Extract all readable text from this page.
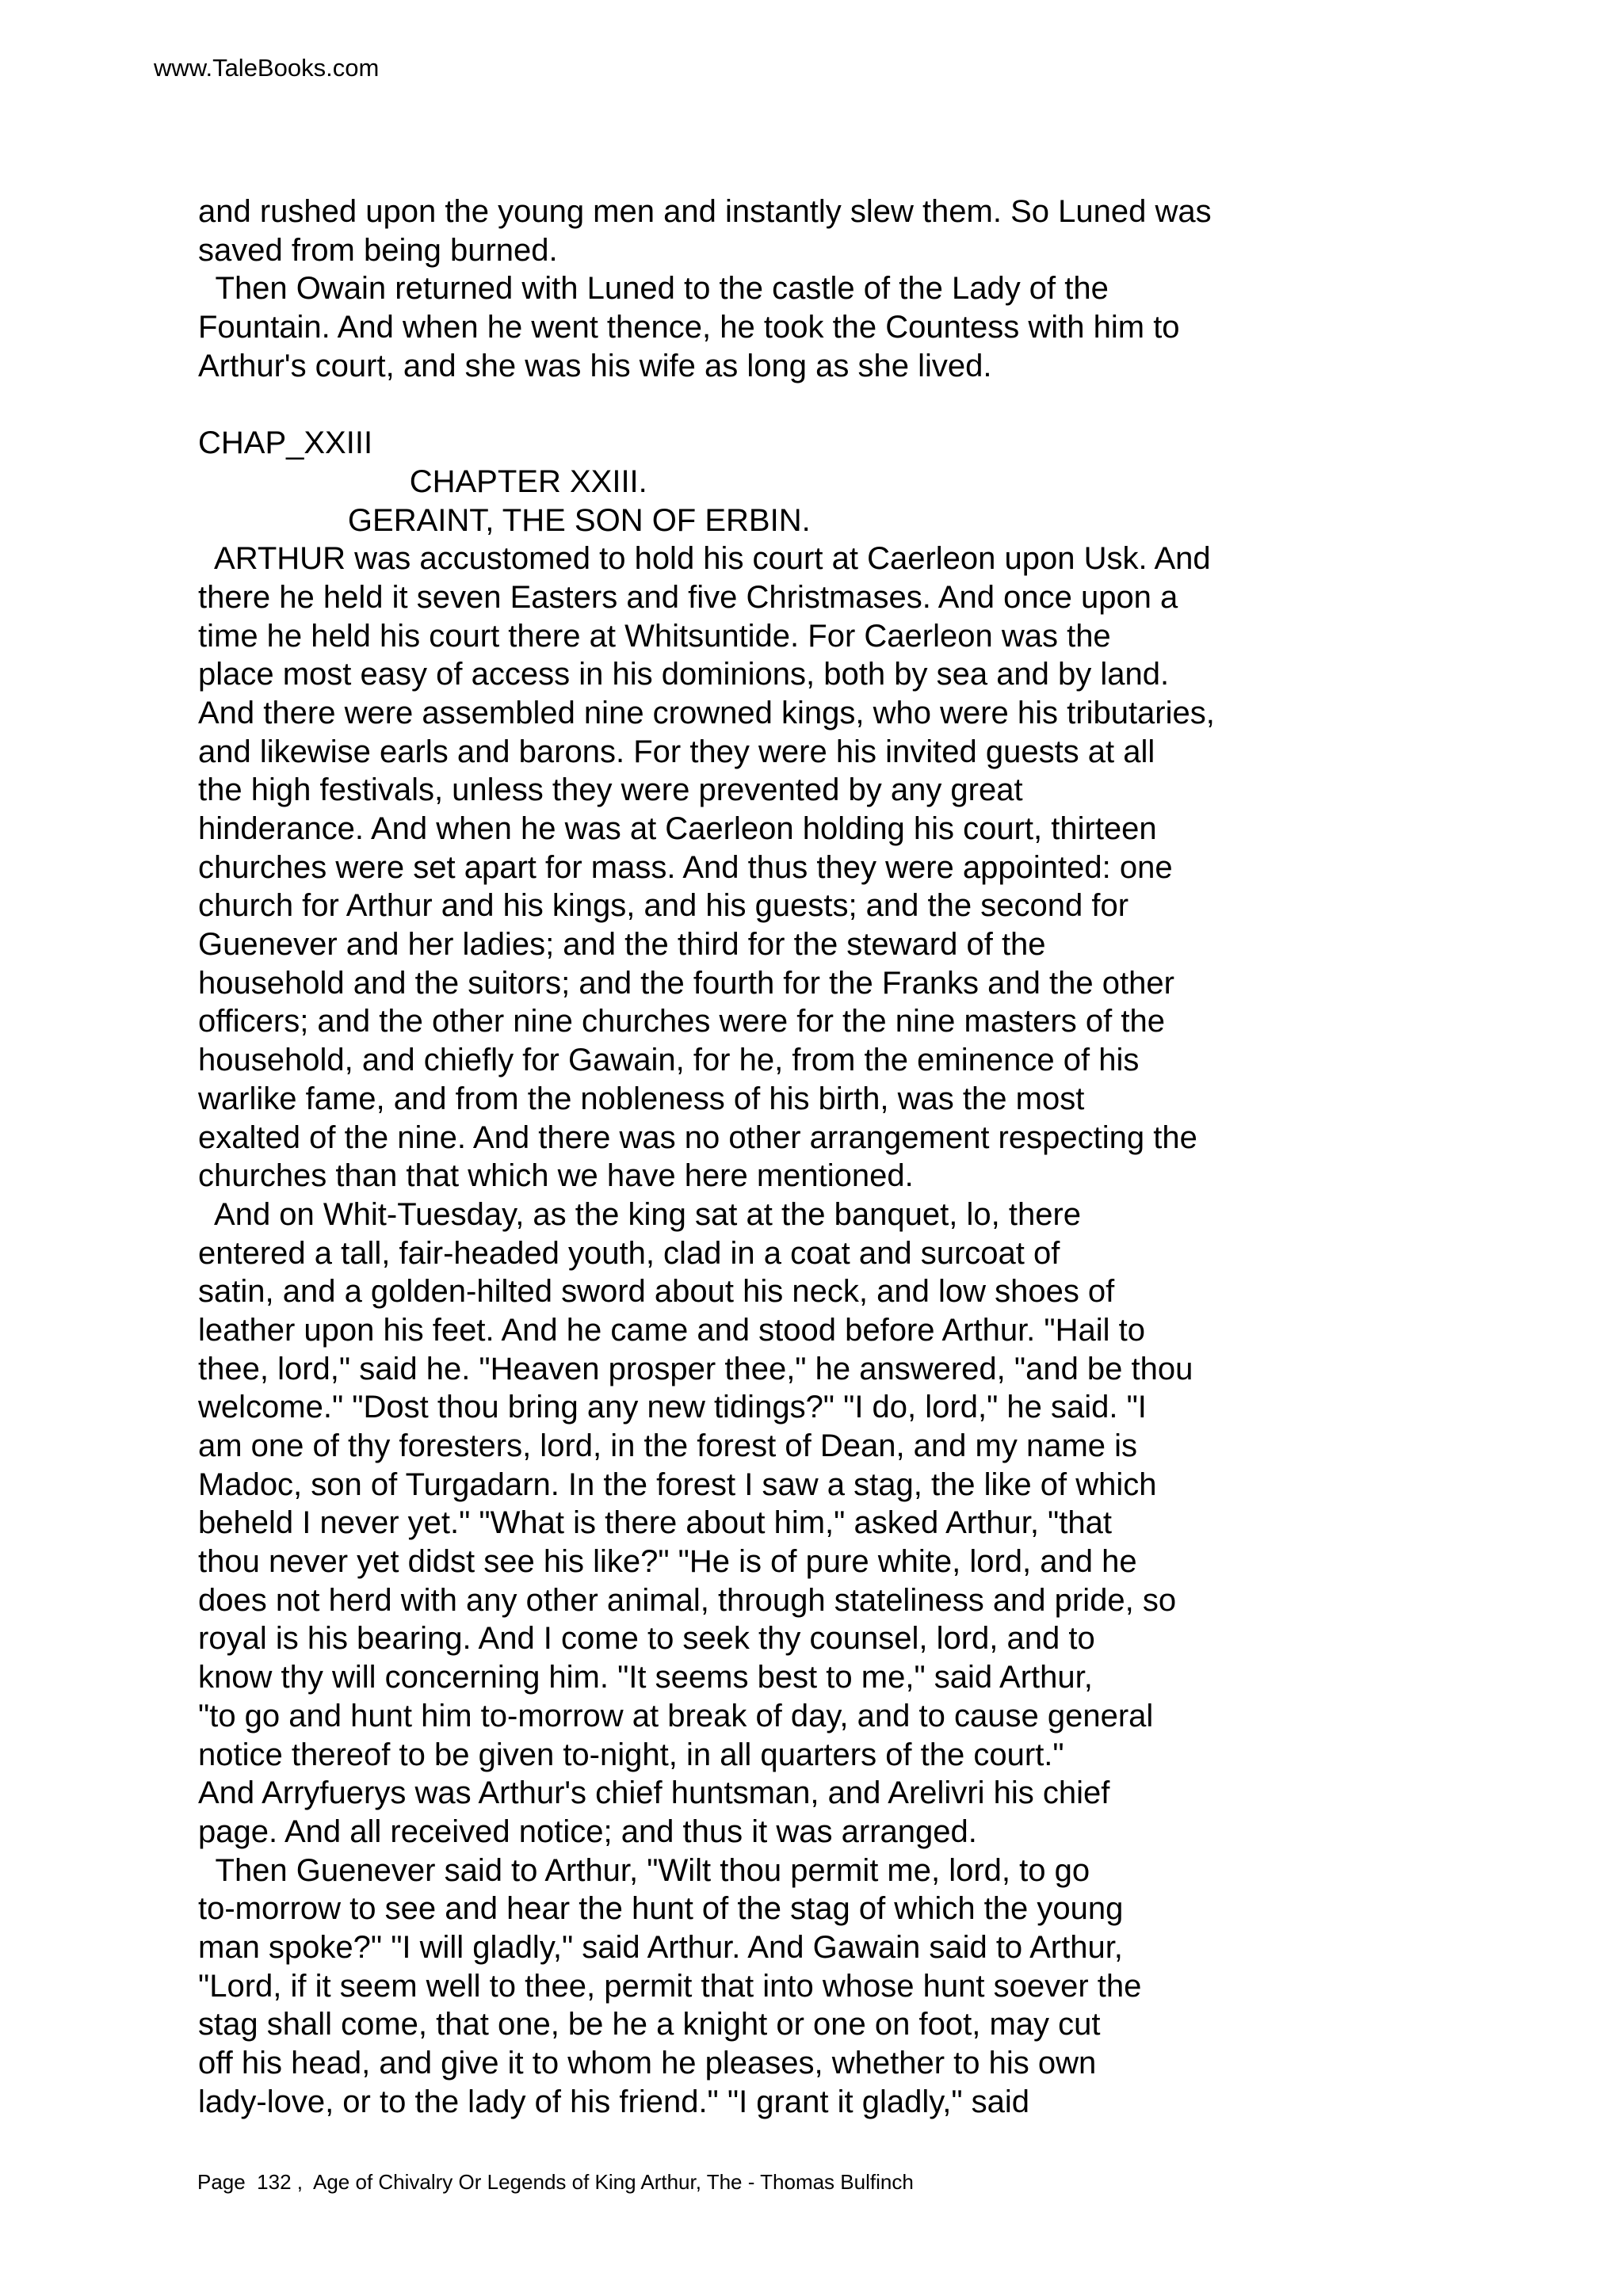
www.TaleBooks.com
and rushed upon the young men and instantly slew them. So Luned was
saved from being burned.
Then Owain returned with Luned to the castle of the Lady of the
Fountain. And when he went thence, he took the Countess with him to
Arthur's court, and she was his wife as long as she lived.
CHAP_XXIII
CHAPTER XXIII.
GERAINT, THE SON OF ERBIN.
ARTHUR was accustomed to hold his court at Caerleon upon Usk. And
there he held it seven Easters and five Christmases. And once upon a
time he held his court there at Whitsuntide. For Caerleon was the
place most easy of access in his dominions, both by sea and by land.
And there were assembled nine crowned kings, who were his tributaries,
and likewise earls and barons. For they were his invited guests at all
the high festivals, unless they were prevented by any great
hinderance. And when he was at Caerleon holding his court, thirteen
churches were set apart for mass. And thus they were appointed: one
church for Arthur and his kings, and his guests; and the second for
Guenever and her ladies; and the third for the steward of the
household and the suitors; and the fourth for the Franks and the other
officers; and the other nine churches were for the nine masters of the
household, and chiefly for Gawain, for he, from the eminence of his
warlike fame, and from the nobleness of his birth, was the most
exalted of the nine. And there was no other arrangement respecting the
churches than that which we have here mentioned.
And on Whit-Tuesday, as the king sat at the banquet, lo, there
entered a tall, fair-headed youth, clad in a coat and surcoat of
satin, and a golden-hilted sword about his neck, and low shoes of
leather upon his feet. And he came and stood before Arthur. "Hail to
thee, lord," said he. "Heaven prosper thee," he answered, "and be thou
welcome." "Dost thou bring any new tidings?" "I do, lord," he said. "I
am one of thy foresters, lord, in the forest of Dean, and my name is
Madoc, son of Turgadarn. In the forest I saw a stag, the like of which
beheld I never yet." "What is there about him," asked Arthur, "that
thou never yet didst see his like?" "He is of pure white, lord, and he
does not herd with any other animal, through stateliness and pride, so
royal is his bearing. And I come to seek thy counsel, lord, and to
know thy will concerning him. "It seems best to me," said Arthur,
"to go and hunt him to-morrow at break of day, and to cause general
notice thereof to be given to-night, in all quarters of the court."
And Arryfuerys was Arthur's chief huntsman, and Arelivri his chief
page. And all received notice; and thus it was arranged.
Then Guenever said to Arthur, "Wilt thou permit me, lord, to go
to-morrow to see and hear the hunt of the stag of which the young
man spoke?" "I will gladly," said Arthur. And Gawain said to Arthur,
"Lord, if it seem well to thee, permit that into whose hunt soever the
stag shall come, that one, be he a knight or one on foot, may cut
off his head, and give it to whom he pleases, whether to his own
lady-love, or to the lady of his friend." "I grant it gladly," said
Page  132 ,  Age of Chivalry Or Legends of King Arthur, The - Thomas Bulfinch
